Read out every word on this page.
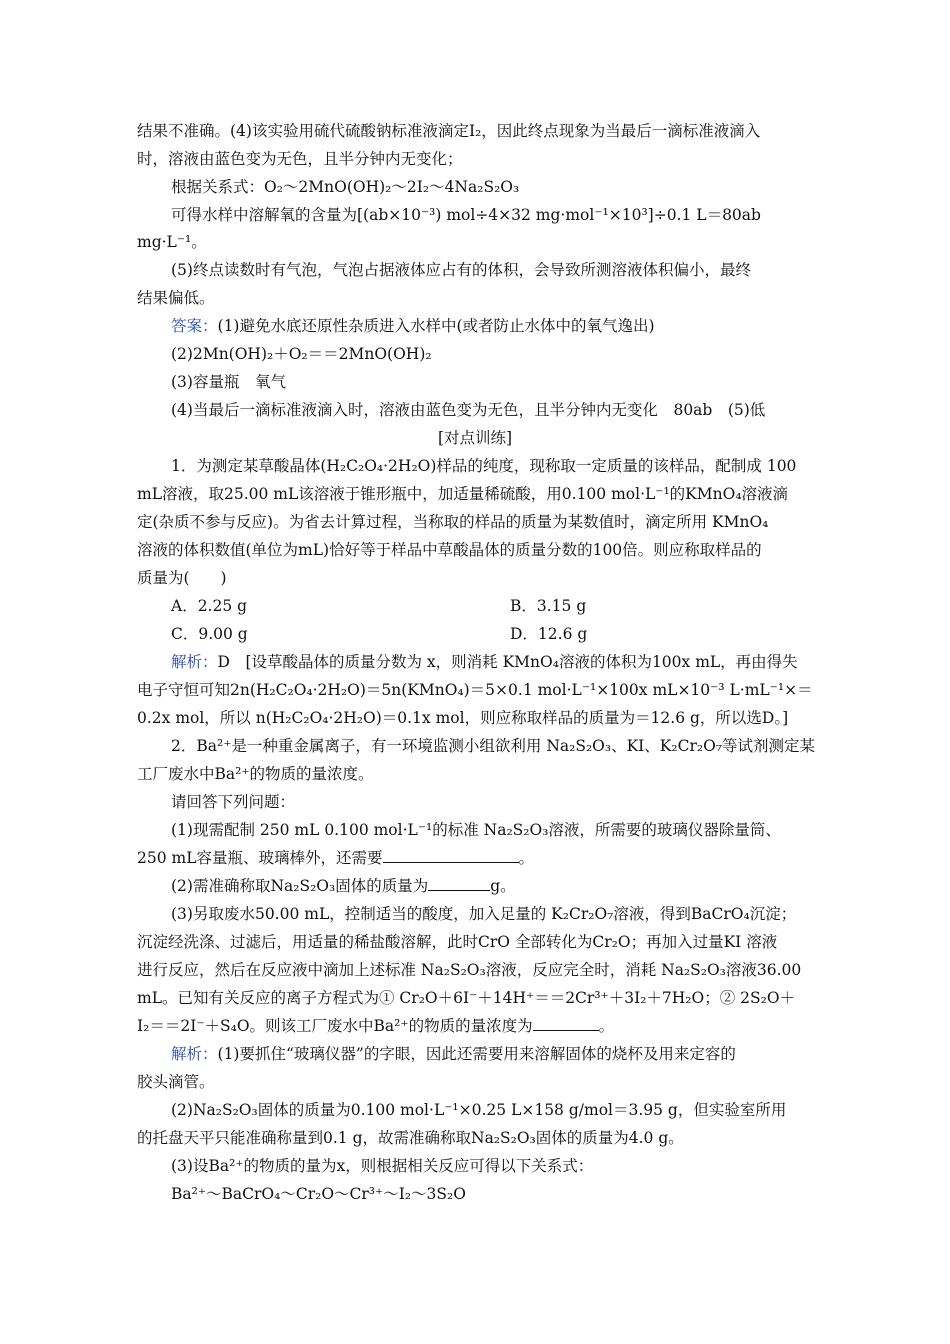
结果不准确。(4)该实验用硫代硫酸钠标准液滴定I₂，因此终点现象为当最后一滴标准液滴入
时，溶液由蓝色变为无色，且半分钟内无变化；
根据关系式：O₂～2MnO(OH)₂～2I₂～4Na₂S₂O₃
可得水样中溶解氧的含量为[(ab×10⁻³) mol÷4×32 mg·mol⁻¹×10³]÷0.1 L＝80ab
mg·L⁻¹。
(5)终点读数时有气泡，气泡占据液体应占有的体积，会导致所测溶液体积偏小，最终
结果偏低。
答案：(1)避免水底还原性杂质进入水样中(或者防止水体中的氧气逸出)
(2)2Mn(OH)₂＋O₂＝＝2MnO(OH)₂
(3)容量瓶　氧气
(4)当最后一滴标准液滴入时，溶液由蓝色变为无色，且半分钟内无变化　80ab　(5)低
[对点训练]
1．为测定某草酸晶体(H₂C₂O₄·2H₂O)样品的纯度，现称取一定质量的该样品，配制成 100
mL溶液，取25.00 mL该溶液于锥形瓶中，加适量稀硫酸，用0.100 mol·L⁻¹的KMnO₄溶液滴
定(杂质不参与反应)。为省去计算过程，当称取的样品的质量为某数值时，滴定所用 KMnO₄
溶液的体积数值(单位为mL)恰好等于样品中草酸晶体的质量分数的100倍。则应称取样品的
质量为(　　)
A．2.25 g	B．3.15 g
C．9.00 g	D．12.6 g
解析：D　[设草酸晶体的质量分数为 x，则消耗 KMnO₄溶液的体积为100x mL，再由得失
电子守恒可知2n(H₂C₂O₄·2H₂O)＝5n(KMnO₄)＝5×0.1 mol·L⁻¹×100x mL×10⁻³ L·mL⁻¹×＝
0.2x mol，所以 n(H₂C₂O₄·2H₂O)＝0.1x mol，则应称取样品的质量为＝12.6 g，所以选D。]
2．Ba²⁺是一种重金属离子，有一环境监测小组欲利用 Na₂S₂O₃、KI、K₂Cr₂O₇等试剂测定某
工厂废水中Ba²⁺的物质的量浓度。
请回答下列问题：
(1)现需配制 250 mL 0.100 mol·L⁻¹的标准 Na₂S₂O₃溶液，所需要的玻璃仪器除量筒、
250 mL容量瓶、玻璃棒外，还需要	。
(2)需准确称取Na₂S₂O₃固体的质量为	g。
(3)另取废水50.00 mL，控制适当的酸度，加入足量的 K₂Cr₂O₇溶液，得到BaCrO₄沉淀；
沉淀经洗涤、过滤后，用适量的稀盐酸溶解，此时CrO 全部转化为Cr₂O；再加入过量KI 溶液
进行反应，然后在反应液中滴加上述标准 Na₂S₂O₃溶液，反应完全时，消耗 Na₂S₂O₃溶液36.00
mL。已知有关反应的离子方程式为① Cr₂O＋6I⁻＋14H⁺＝＝2Cr³⁺＋3I₂＋7H₂O；② 2S₂O＋
I₂＝＝2I⁻＋S₄O。则该工厂废水中Ba²⁺的物质的量浓度为	。
解析：(1)要抓住“玻璃仪器”的字眼，因此还需要用来溶解固体的烧杯及用来定容的
胶头滴管。
(2)Na₂S₂O₃固体的质量为0.100 mol·L⁻¹×0.25 L×158 g/mol＝3.95 g，但实验室所用
的托盘天平只能准确称量到0.1 g，故需准确称取Na₂S₂O₃固体的质量为4.0 g。
(3)设Ba²⁺的物质的量为x，则根据相关反应可得以下关系式：
Ba²⁺～BaCrO₄～Cr₂O～Cr³⁺～I₂～3S₂O
